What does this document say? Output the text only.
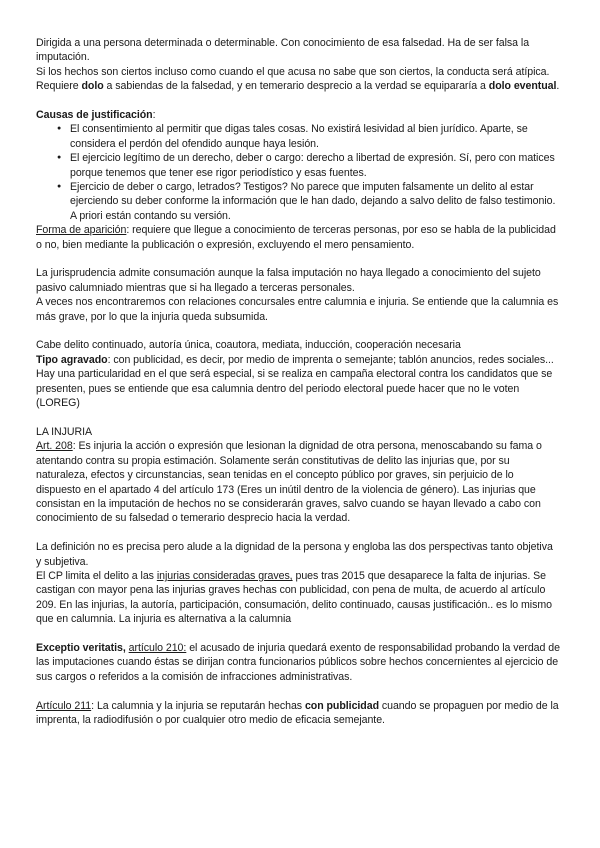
Dirigida a una persona determinada o determinable. Con conocimiento de esa falsedad. Ha de ser falsa la imputación.

Si los hechos son ciertos incluso como cuando el que acusa no sabe que son ciertos, la conducta será atípica. Requiere dolo a sabiendas de la falsedad, y en temerario desprecio a la verdad se equipararía a dolo eventual.

Causas de justificación:

● El consentimiento al permitir que digas tales cosas. No existirá lesividad al bien jurídico. Aparte, se considera el perdón del ofendido aunque haya lesión.
● El ejercicio legítimo de un derecho, deber o cargo: derecho a libertad de expresión. Sí, pero con matices porque tenemos que tener ese rigor periodístico y esas fuentes.
● Ejercicio de deber o cargo, letrados? Testigos? No parece que imputen falsamente un delito al estar ejerciendo su deber conforme la información que le han dado, dejando a salvo delito de falso testimonio. A priori están contando su versión.

Forma de aparición: requiere que llegue a conocimiento de terceras personas, por eso se habla de la publicidad o no, bien mediante la publicación o expresión, excluyendo el mero pensamiento.

La jurisprudencia admite consumación aunque la falsa imputación no haya llegado a conocimiento del sujeto pasivo calumniado mientras que si ha llegado a terceras personales.

A veces nos encontraremos con relaciones concursales entre calumnia e injuria. Se entiende que la calumnia es más grave, por lo que la injuria queda subsumida.

Cabe delito continuado, autoría única, coautora, mediata, inducción, cooperación necesaria

Tipo agravado: con publicidad, es decir, por medio de imprenta o semejante; tablón anuncios, redes sociales...

Hay una particularidad en el que será especial, si se realiza en campaña electoral contra los candidatos que se presenten, pues se entiende que esa calumnia dentro del periodo electoral puede hacer que no le voten (LOREG)

LA INJURIA

Art. 208: Es injuria la acción o expresión que lesionan la dignidad de otra persona, menoscabando su fama o atentando contra su propia estimación. Solamente serán constitutivas de delito las injurias que, por su naturaleza, efectos y circunstancias, sean tenidas en el concepto público por graves, sin perjuicio de lo dispuesto en el apartado 4 del artículo 173 (Eres un inútil dentro de la violencia de género). Las injurias que consistan en la imputación de hechos no se considerarán graves, salvo cuando se hayan llevado a cabo con conocimiento de su falsedad o temerario desprecio hacia la verdad.

La definición no es precisa pero alude a la dignidad de la persona y engloba las dos perspectivas tanto objetiva y subjetiva.

El CP limita el delito a las injurias consideradas graves, pues tras 2015 que desaparece la falta de injurias. Se castigan con mayor pena las injurias graves hechas con publicidad, con pena de multa, de acuerdo al artículo 209. En las injurias, la autoría, participación, consumación, delito continuado, causas justificación.. es lo mismo que en calumnia. La injuria es alternativa a la calumnia

Exceptio veritatis, artículo 210: el acusado de injuria quedará exento de responsabilidad probando la verdad de las imputaciones cuando éstas se dirijan contra funcionarios públicos sobre hechos concernientes al ejercicio de sus cargos o referidos a la comisión de infracciones administrativas.

Artículo 211: La calumnia y la injuria se reputarán hechas con publicidad cuando se propaguen por medio de la imprenta, la radiodifusión o por cualquier otro medio de eficacia semejante.
